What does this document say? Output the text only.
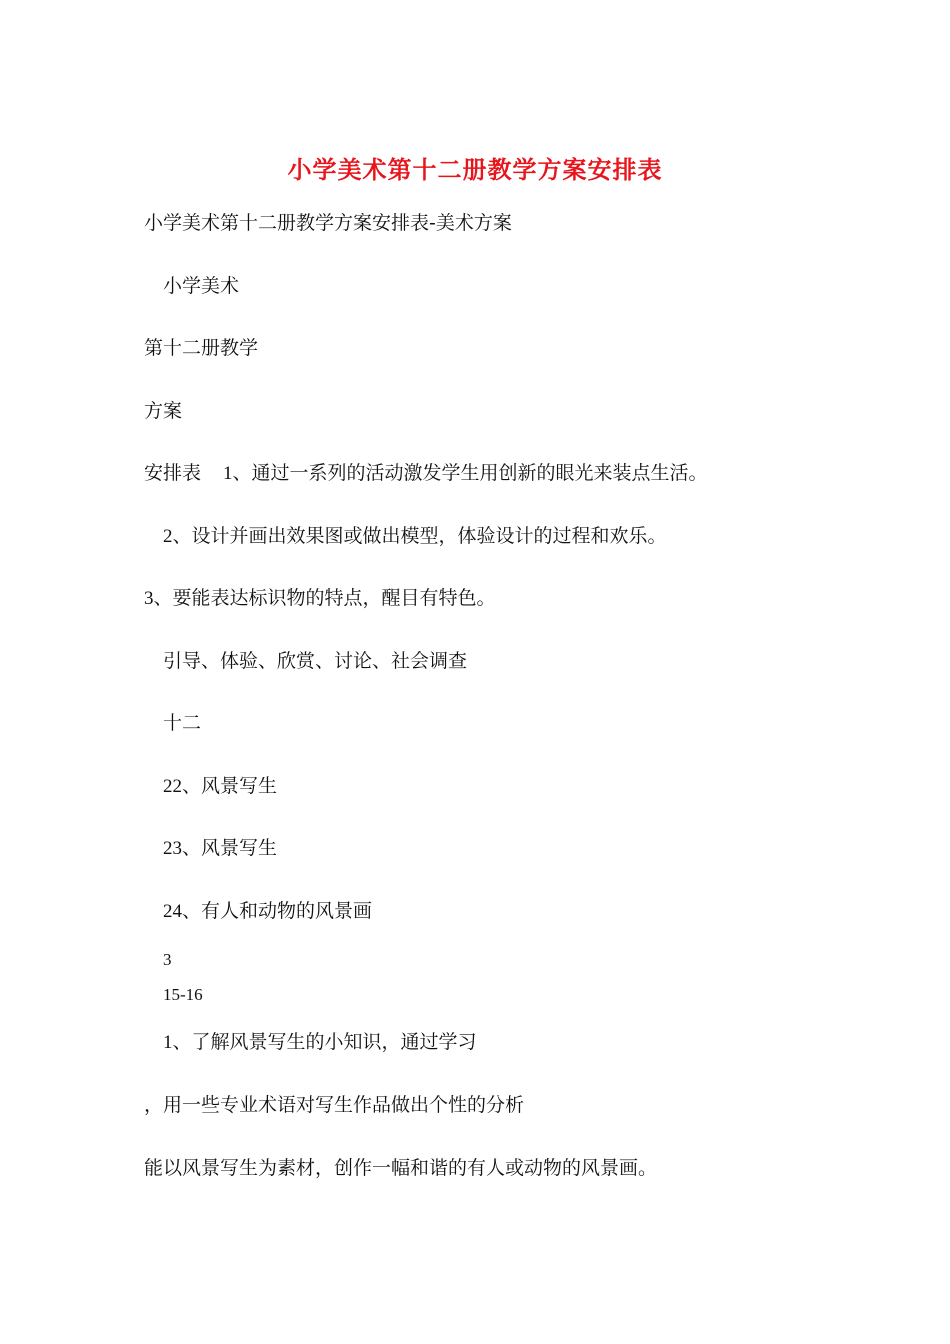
小学美术第十二册教学方案安排表
小学美术第十二册教学方案安排表-美术方案
小学美术
第十二册教学
方案
安排表 1、通过一系列的活动激发学生用创新的眼光来装点生活。
2、设计并画出效果图或做出模型，体验设计的过程和欢乐。
3、要能表达标识物的特点，醒目有特色。
引导、体验、欣赏、讨论、社会调查
十二
22、风景写生
23、风景写生
24、有人和动物的风景画
3
15-16
1、了解风景写生的小知识，通过学习
，用一些专业术语对写生作品做出个性的分析
能以风景写生为素材，创作一幅和谐的有人或动物的风景画。
